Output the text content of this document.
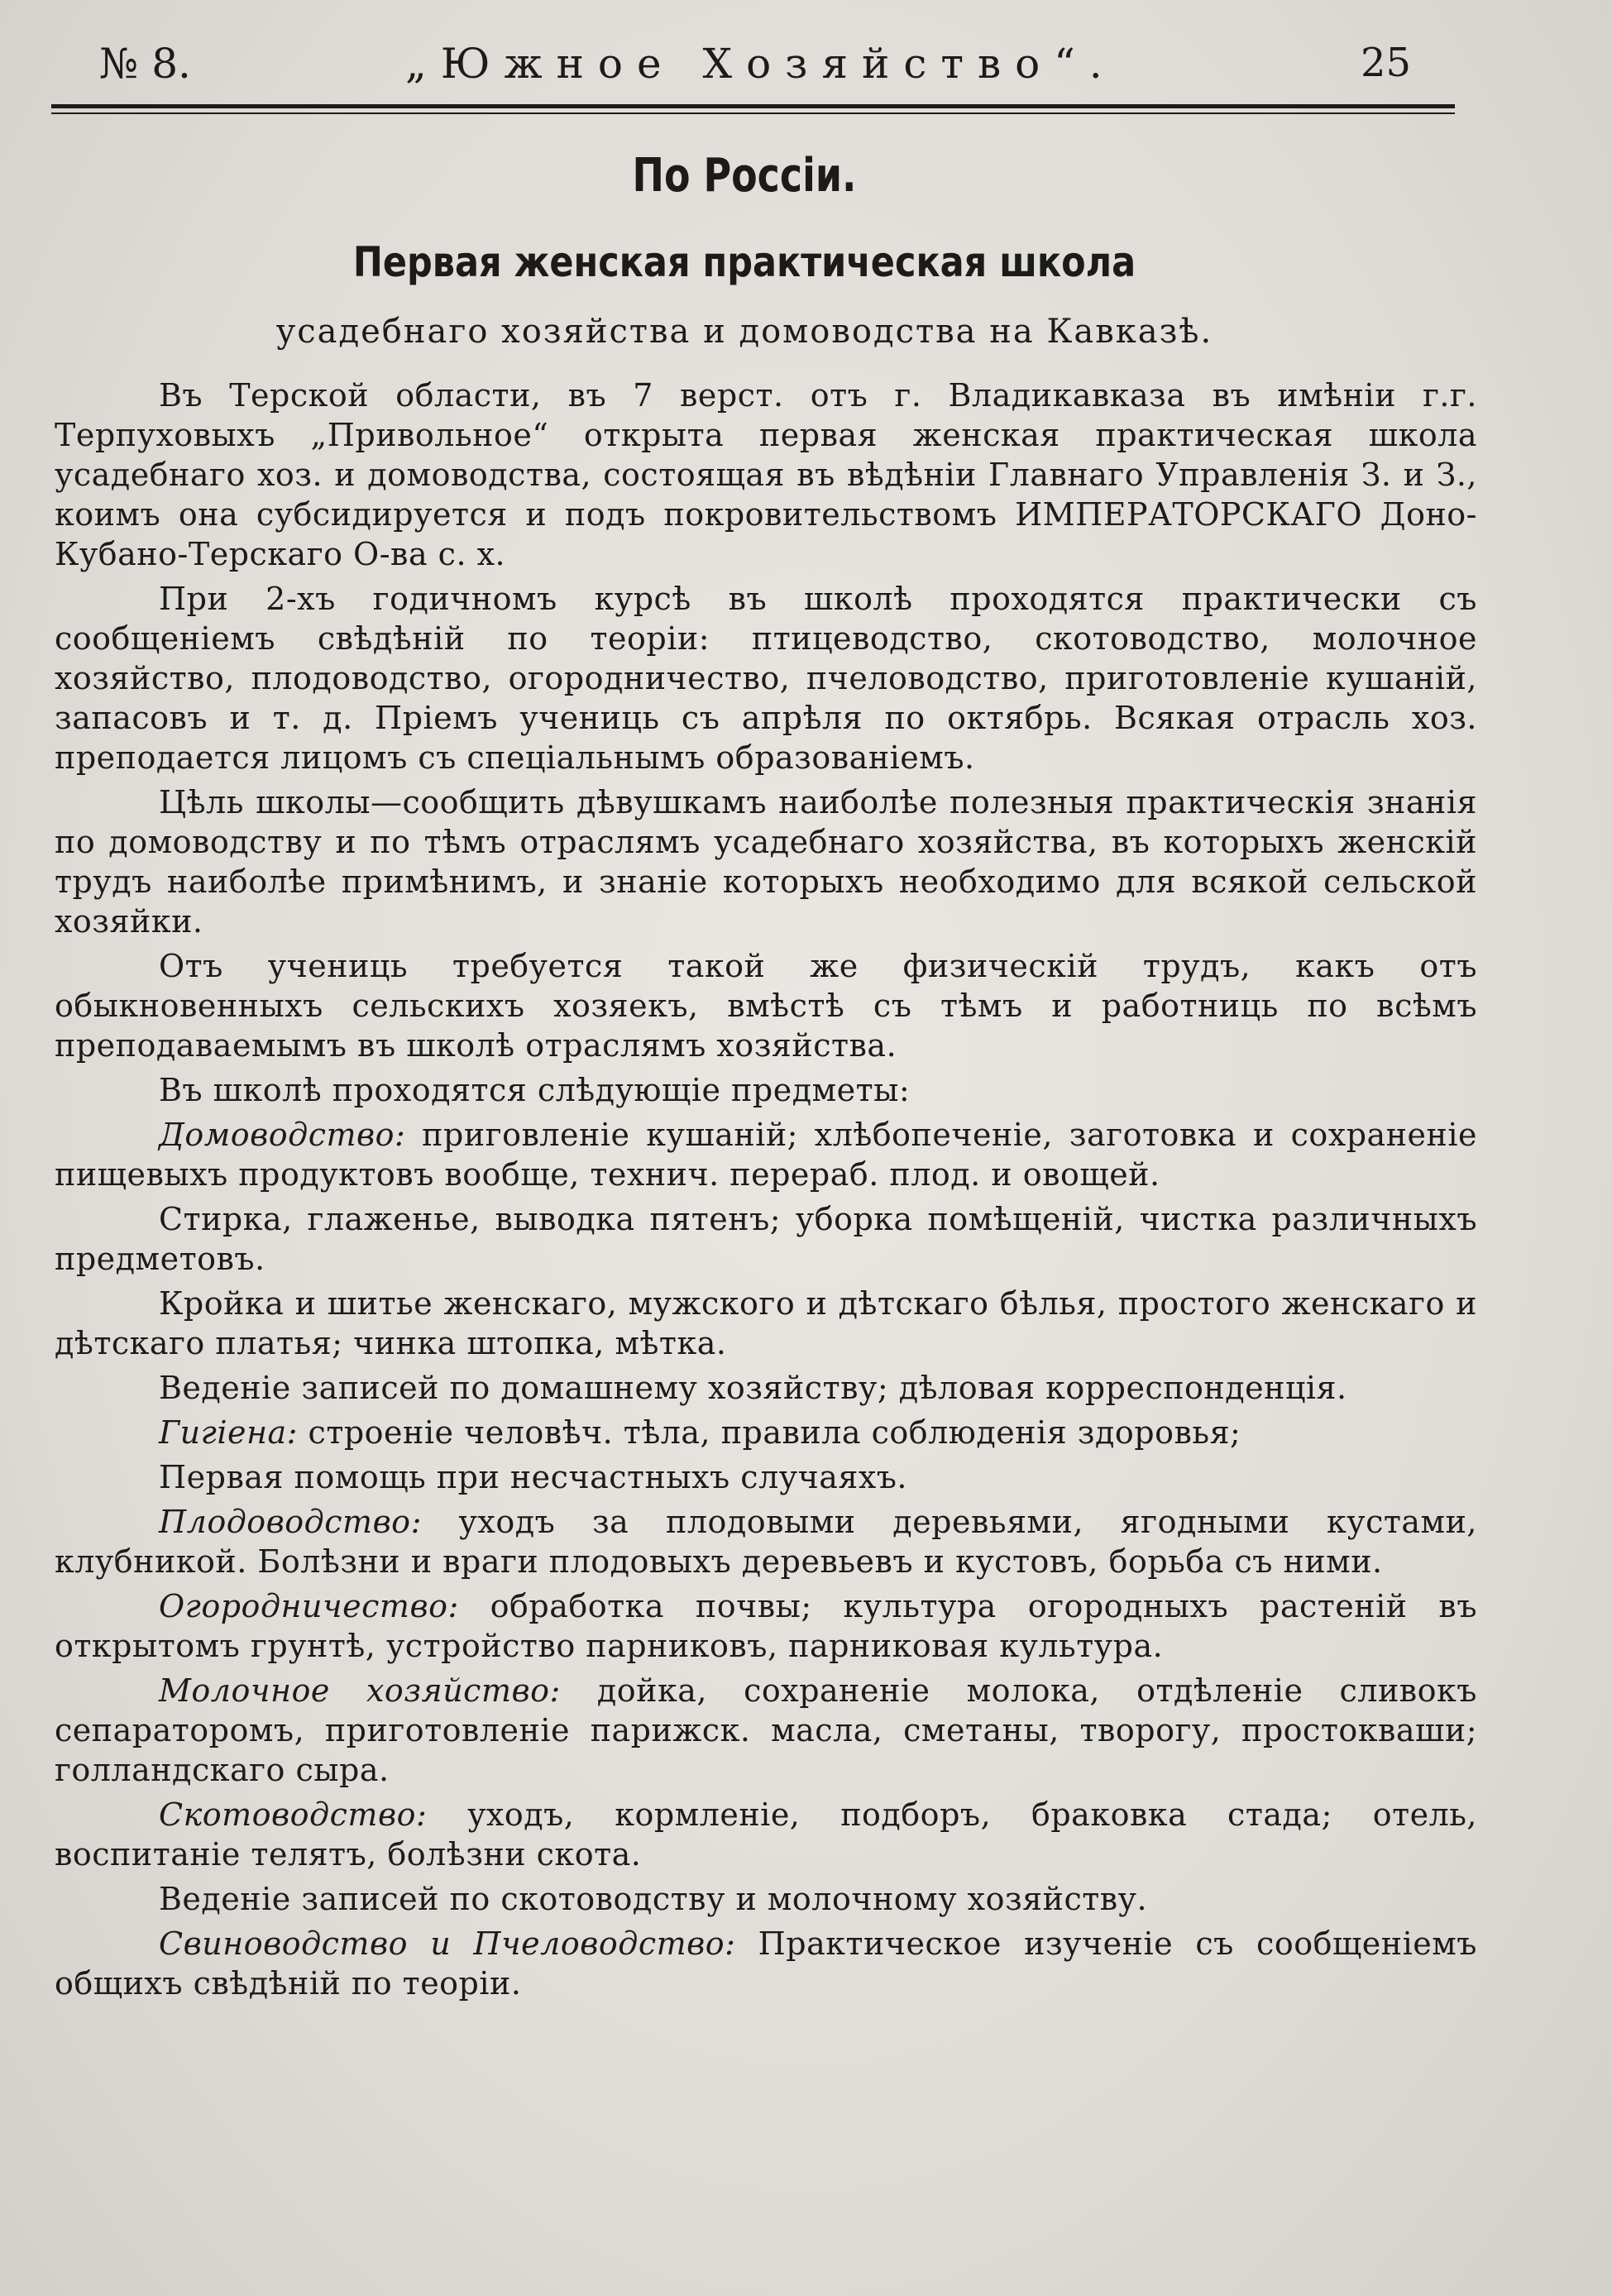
№ 8.	„Южное Хозяйство“.	25
По Россіи.
Первая женская практическая школа
усадебнаго хозяйства и домоводства на Кавказѣ.

Въ Терской области, въ 7 верст. отъ г. Владикавказа въ имѣніи г.г. Терпуховыхъ „Привольное“ открыта первая женская практическая школа усадебнаго хоз. и домоводства, состоящая въ вѣдѣніи Главнаго Управленія З. и З., коимъ она субсидируется и подъ покровительствомъ ИМПЕРАТОРСКАГО Доно-Кубано-Терскаго О-ва с. х.

При 2-хъ годичномъ курсѣ въ школѣ проходятся практически съ сообщеніемъ свѣдѣній по теоріи: птицеводство, скотоводство, молочное хозяйство, плодоводство, огородничество, пчеловодство, приготовленіе кушаній, запасовъ и т. д. Пріемъ учениць съ апрѣля по октябрь. Всякая отрасль хоз. преподается лицомъ съ спеціальнымъ образованіемъ.

Цѣль школы—сообщить дѣвушкамъ наиболѣе полезныя практическія знанія по домоводству и по тѣмъ отраслямъ усадебнаго хозяйства, въ которыхъ женскій трудъ наиболѣе примѣнимъ, и знаніе которыхъ необходимо для всякой сельской хозяйки.

Отъ учениць требуется такой же физическій трудъ, какъ отъ обыкновенныхъ сельскихъ хозяекъ, вмѣстѣ съ тѣмъ и работниць по всѣмъ преподаваемымъ въ школѣ отраслямъ хозяйства.

Въ школѣ проходятся слѣдующіе предметы:

Домоводство: приговленіе кушаній; хлѣбопеченіе, заготовка и сохраненіе пищевыхъ продуктовъ вообще, технич. перераб. плод. и овощей.

Стирка, глаженье, выводка пятенъ; уборка помѣщеній, чистка различныхъ предметовъ.

Кройка и шитье женскаго, мужского и дѣтскаго бѣлья, простого женскаго и дѣтскаго платья; чинка штопка, мѣтка.

Веденіе записей по домашнему хозяйству; дѣловая корреспонденція.

Гигіена: строеніе человѣч. тѣла, правила соблюденія здоровья;

Первая помощь при несчастныхъ случаяхъ.

Плодоводство: уходъ за плодовыми деревьями, ягодными кустами, клубникой. Болѣзни и враги плодовыхъ деревьевъ и кустовъ, борьба съ ними.

Огородничество: обработка почвы; культура огородныхъ растеній въ открытомъ грунтѣ, устройство парниковъ, парниковая культура.

Молочное хозяйство: дойка, сохраненіе молока, отдѣленіе сливокъ сепараторомъ, приготовленіе парижск. масла, сметаны, творогу, простокваши; голландскаго сыра.

Скотоводство: уходъ, кормленіе, подборъ, браковка стада; отель, воспитаніе телятъ, болѣзни скота.

Веденіе записей по скотоводству и молочному хозяйству.

Свиноводство и Пчеловодство: Практическое изученіе съ сообщеніемъ общихъ свѣдѣній по теоріи.
